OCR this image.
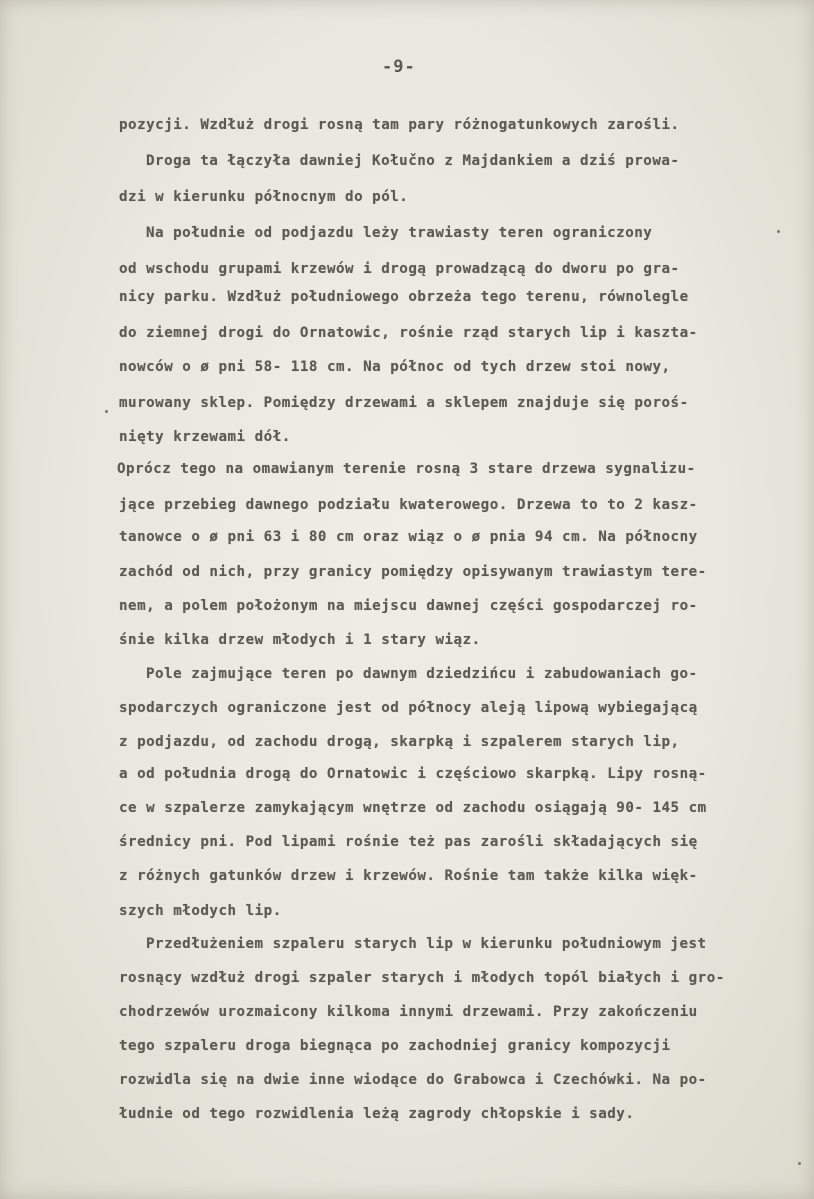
-9-
pozycji. Wzdłuż drogi rosną tam pary różnogatunkowych zarośli.
Droga ta łączyła dawniej Kołučno z Majdankiem a dziś prowa-
dzi w kierunku północnym do pól.
Na południe od podjazdu leży trawiasty teren ograniczony
od wschodu grupami krzewów i drogą prowadzącą do dworu po gra-
nicy parku. Wzdłuż południowego obrzeża tego terenu, równolegle
do ziemnej drogi do Ornatowic, rośnie rząd starych lip i kaszta-
nowców o ø pni 58- 118 cm. Na północ od tych drzew stoi nowy,
murowany sklep. Pomiędzy drzewami a sklepem znajduje się poroś-
nięty krzewami dół.
Oprócz tego na omawianym terenie rosną 3 stare drzewa sygnalizu-
jące przebieg dawnego podziału kwaterowego. Drzewa to to 2 kasz-
tanowce o ø pni 63 i 80 cm oraz wiąz o ø pnia 94 cm. Na północny
zachód od nich, przy granicy pomiędzy opisywanym trawiastym tere-
nem, a polem położonym na miejscu dawnej części gospodarczej ro-
śnie kilka drzew młodych i 1 stary wiąz.
Pole zajmujące teren po dawnym dziedzińcu i zabudowaniach go-
spodarczych ograniczone jest od północy aleją lipową wybiegającą
z podjazdu, od zachodu drogą, skarpką i szpalerem starych lip,
a od południa drogą do Ornatowic i częściowo skarpką. Lipy rosną-
ce w szpalerze zamykającym wnętrze od zachodu osiągają 90- 145 cm
średnicy pni. Pod lipami rośnie też pas zarośli składających się
z różnych gatunków drzew i krzewów. Rośnie tam także kilka więk-
szych młodych lip.
Przedłużeniem szpaleru starych lip w kierunku południowym jest
rosnący wzdłuż drogi szpaler starych i młodych topól białych i gro-
chodrzewów urozmaicony kilkoma innymi drzewami. Przy zakończeniu
tego szpaleru droga biegnąca po zachodniej granicy kompozycji
rozwidla się na dwie inne wiodące do Grabowca i Czechówki. Na po-
łudnie od tego rozwidlenia leżą zagrody chłopskie i sady.
